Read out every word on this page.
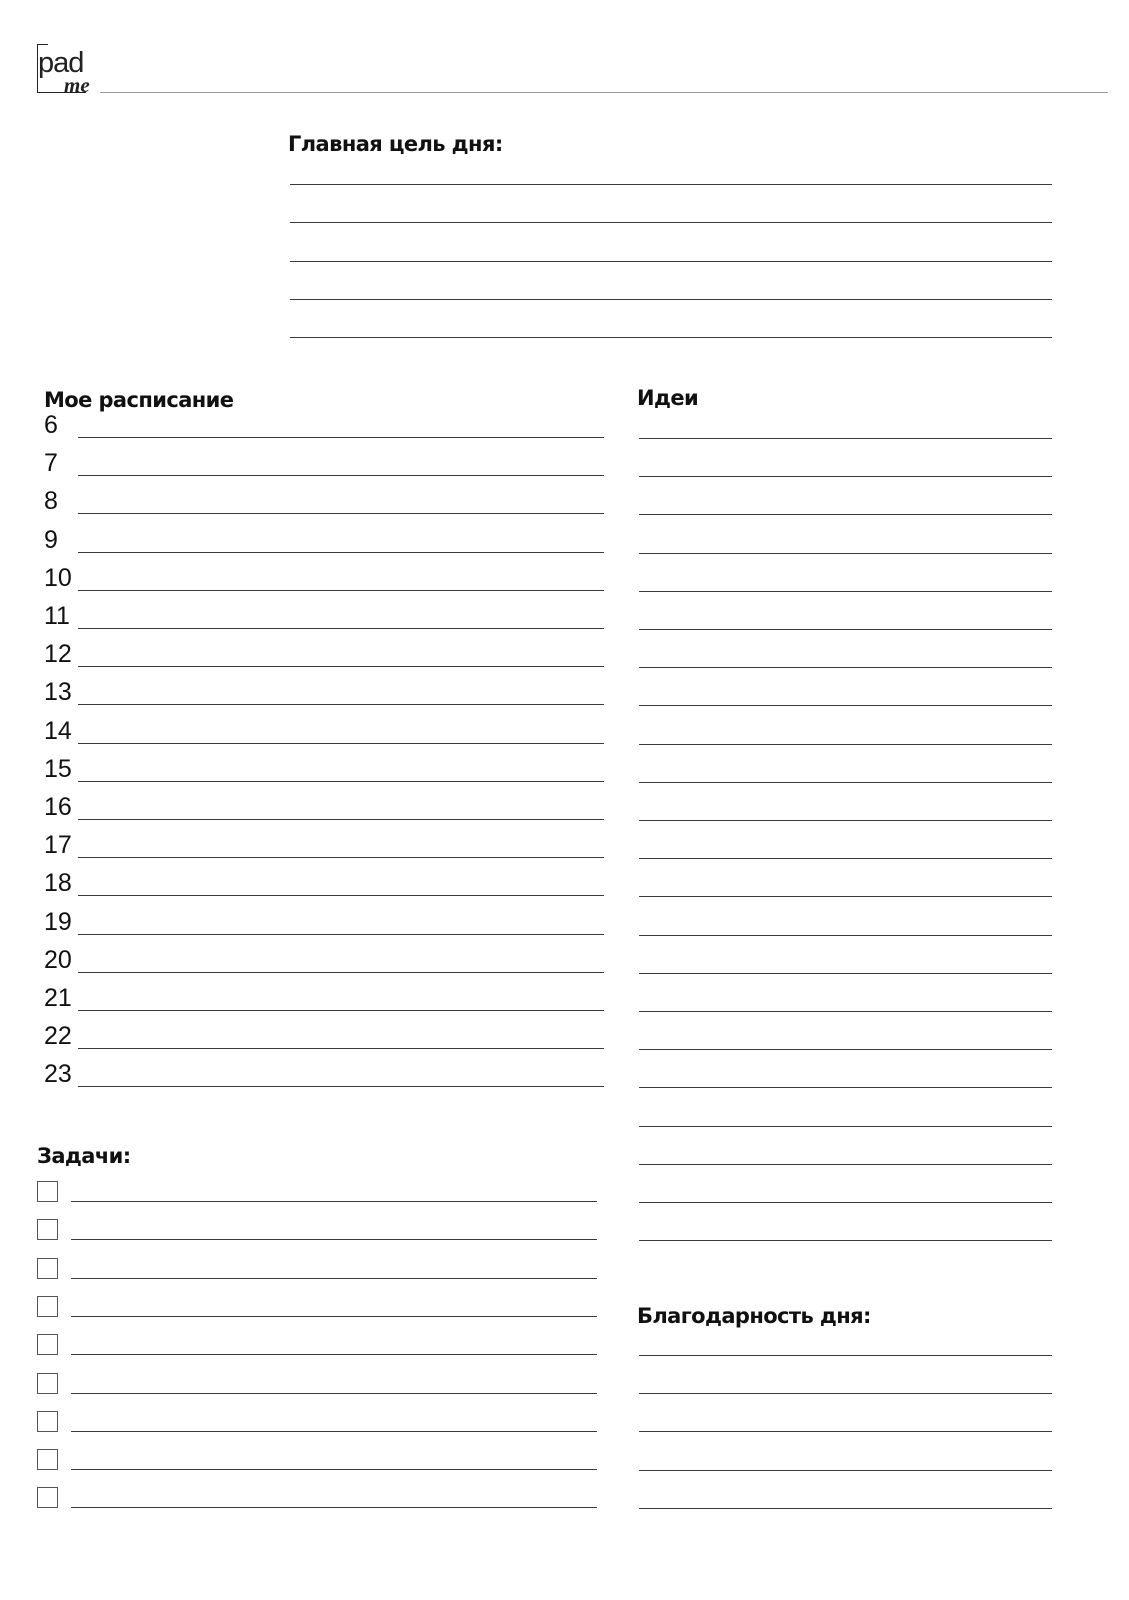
pad
me
Главная цель дня:
Мое расписание
6
7
8
9
10
11
12
13
14
15
16
17
18
19
20
21
22
23
Идеи
Задачи:
Благодарность дня:
